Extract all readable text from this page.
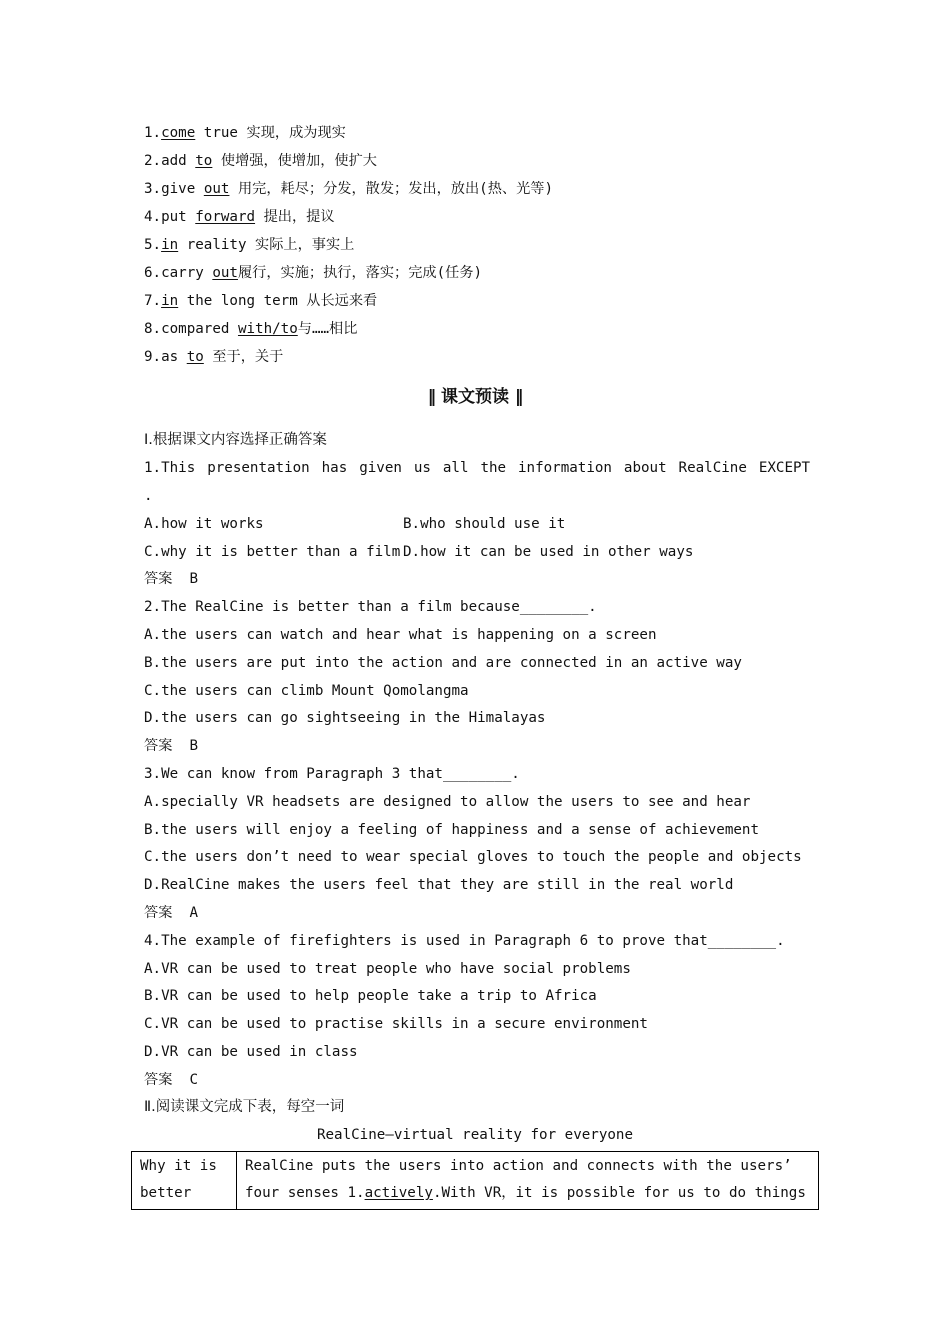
1.come true 实现，成为现实
2.add to 使增强，使增加，使扩大
3.give out 用完，耗尽；分发，散发；发出，放出(热、光等)
4.put forward 提出，提议
5.in reality 实际上，事实上
6.carry out履行，实施；执行，落实；完成(任务)
7.in the long term 从长远来看
8.compared with/to与……相比
9.as to 至于，关于
‖ 课文预读 ‖
Ⅰ.根据课文内容选择正确答案
1.This presentation has given us all the information about RealCine EXCEPT
.
A.how it works	B.who should use it
C.why it is better than a film D.how it can be used in other ways
答案  B
2.The RealCine is better than a film because________.
A.the users can watch and hear what is happening on a screen
B.the users are put into the action and are connected in an active way
C.the users can climb Mount Qomolangma
D.the users can go sightseeing in the Himalayas
答案  B
3.We can know from Paragraph 3 that________.
A.specially VR headsets are designed to allow the users to see and hear
B.the users will enjoy a feeling of happiness and a sense of achievement
C.the users don’t need to wear special gloves to touch the people and objects
D.RealCine makes the users feel that they are still in the real world
答案  A
4.The example of firefighters is used in Paragraph 6 to prove that________.
A.VR can be used to treat people who have social problems
B.VR can be used to help people take a trip to Africa
C.VR can be used to practise skills in a secure environment
D.VR can be used in class
答案  C
Ⅱ.阅读课文完成下表，每空一词
RealCine—virtual reality for everyone
Why it is better	RealCine puts the users into action and connects with the users’ four senses 1.actively.With VR，it is possible for us to do things
